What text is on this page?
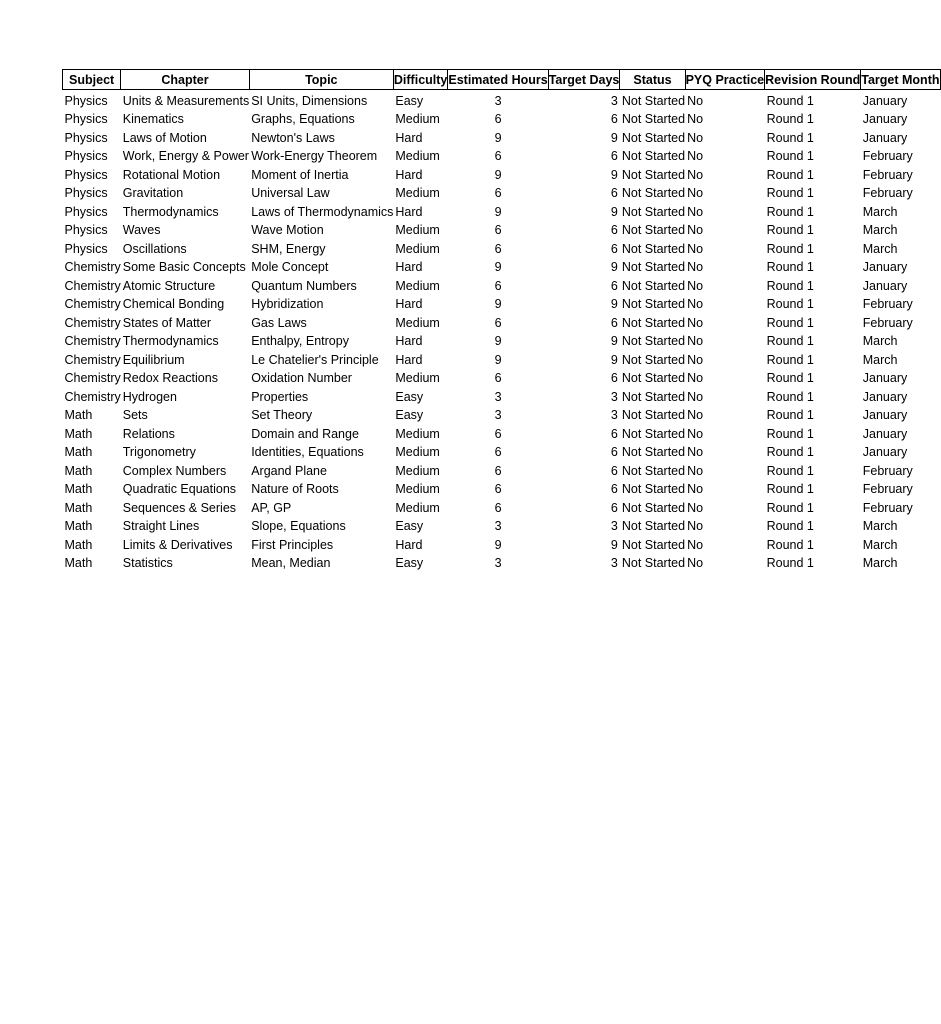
Subject	Chapter	Topic	Difficulty	Estimated Hours	Target Days	Status	PYQ Practice	Revision Round	Target Month
Physics	Units & Measurements	SI Units, Dimensions	Easy	3	3	Not Started	No	Round 1	January
Physics	Kinematics	Graphs, Equations	Medium	6	6	Not Started	No	Round 1	January
Physics	Laws of Motion	Newton's Laws	Hard	9	9	Not Started	No	Round 1	January
Physics	Work, Energy & Power	Work-Energy Theorem	Medium	6	6	Not Started	No	Round 1	February
Physics	Rotational Motion	Moment of Inertia	Hard	9	9	Not Started	No	Round 1	February
Physics	Gravitation	Universal Law	Medium	6	6	Not Started	No	Round 1	February
Physics	Thermodynamics	Laws of Thermodynamics	Hard	9	9	Not Started	No	Round 1	March
Physics	Waves	Wave Motion	Medium	6	6	Not Started	No	Round 1	March
Physics	Oscillations	SHM, Energy	Medium	6	6	Not Started	No	Round 1	March
Chemistry	Some Basic Concepts	Mole Concept	Hard	9	9	Not Started	No	Round 1	January
Chemistry	Atomic Structure	Quantum Numbers	Medium	6	6	Not Started	No	Round 1	January
Chemistry	Chemical Bonding	Hybridization	Hard	9	9	Not Started	No	Round 1	February
Chemistry	States of Matter	Gas Laws	Medium	6	6	Not Started	No	Round 1	February
Chemistry	Thermodynamics	Enthalpy, Entropy	Hard	9	9	Not Started	No	Round 1	March
Chemistry	Equilibrium	Le Chatelier's Principle	Hard	9	9	Not Started	No	Round 1	March
Chemistry	Redox Reactions	Oxidation Number	Medium	6	6	Not Started	No	Round 1	January
Chemistry	Hydrogen	Properties	Easy	3	3	Not Started	No	Round 1	January
Math	Sets	Set Theory	Easy	3	3	Not Started	No	Round 1	January
Math	Relations	Domain and Range	Medium	6	6	Not Started	No	Round 1	January
Math	Trigonometry	Identities, Equations	Medium	6	6	Not Started	No	Round 1	January
Math	Complex Numbers	Argand Plane	Medium	6	6	Not Started	No	Round 1	February
Math	Quadratic Equations	Nature of Roots	Medium	6	6	Not Started	No	Round 1	February
Math	Sequences & Series	AP, GP	Medium	6	6	Not Started	No	Round 1	February
Math	Straight Lines	Slope, Equations	Easy	3	3	Not Started	No	Round 1	March
Math	Limits & Derivatives	First Principles	Hard	9	9	Not Started	No	Round 1	March
Math	Statistics	Mean, Median	Easy	3	3	Not Started	No	Round 1	March
